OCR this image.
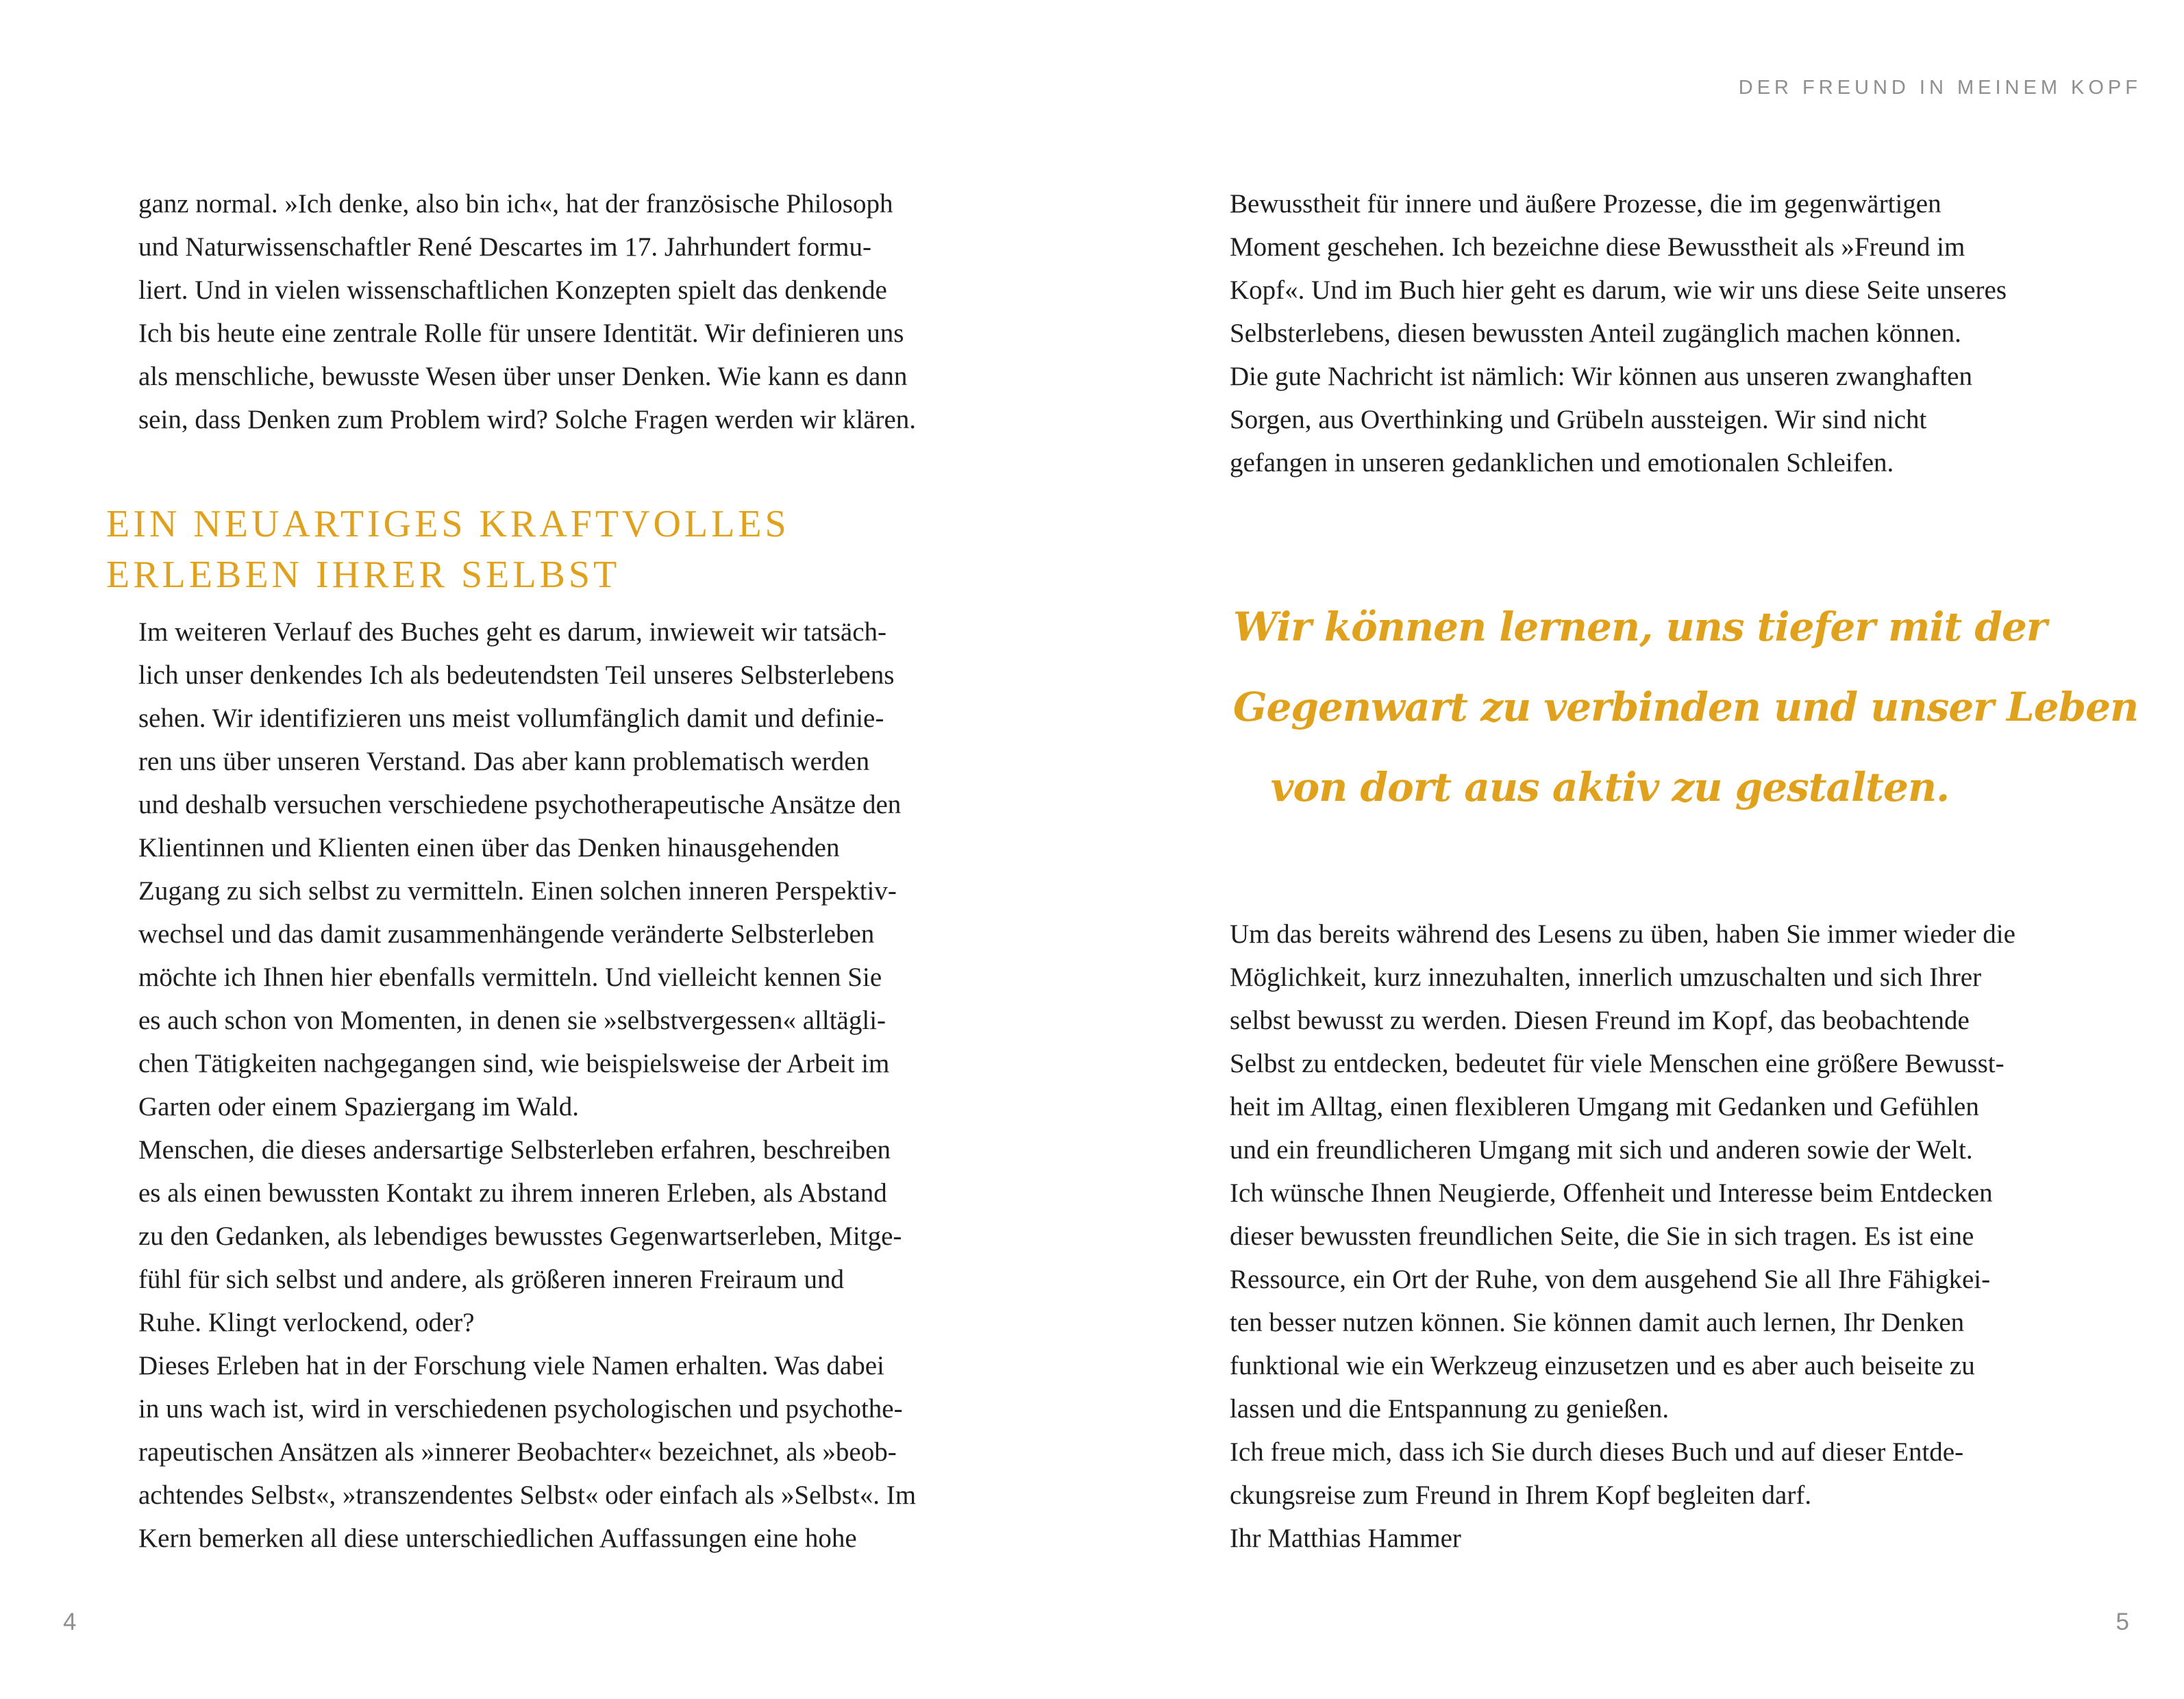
DER FREUND IN MEINEM KOPF
4	5
ganz normal. »Ich denke, also bin ich«, hat der französische Philosoph
und Naturwissenschaftler René Descartes im 17. Jahrhundert formu-
liert. Und in vielen wissenschaftlichen Konzepten spielt das denkende
Ich bis heute eine zentrale Rolle für unsere Identität. Wir definieren uns
als menschliche, bewusste Wesen über unser Denken. Wie kann es dann
sein, dass Denken zum Problem wird? Solche Fragen werden wir klären.
EIN NEUARTIGES KRAFTVOLLES
ERLEBEN IHRER SELBST
Im weiteren Verlauf des Buches geht es darum, inwieweit wir tatsäch-
lich unser denkendes Ich als bedeutendsten Teil unseres Selbsterlebens
sehen. Wir identifizieren uns meist vollumfänglich damit und definie-
ren uns über unseren Verstand. Das aber kann problematisch werden
und deshalb versuchen verschiedene psychotherapeutische Ansätze den
Klientinnen und Klienten einen über das Denken hinausgehenden
Zugang zu sich selbst zu vermitteln. Einen solchen inneren Perspektiv-
wechsel und das damit zusammenhängende veränderte Selbsterleben
möchte ich Ihnen hier ebenfalls vermitteln. Und vielleicht kennen Sie
es auch schon von Momenten, in denen sie »selbstvergessen« alltägli-
chen Tätigkeiten nachgegangen sind, wie beispielsweise der Arbeit im
Garten oder einem Spaziergang im Wald.
Menschen, die dieses andersartige Selbsterleben erfahren, beschreiben
es als einen bewussten Kontakt zu ihrem inneren Erleben, als Abstand
zu den Gedanken, als lebendiges bewusstes Gegenwartserleben, Mitge-
fühl für sich selbst und andere, als größeren inneren Freiraum und
Ruhe. Klingt verlockend, oder?
Dieses Erleben hat in der Forschung viele Namen erhalten. Was dabei
in uns wach ist, wird in verschiedenen psychologischen und psychothe-
rapeutischen Ansätzen als »innerer Beobachter« bezeichnet, als »beob-
achtendes Selbst«, »transzendentes Selbst« oder einfach als »Selbst«. Im
Kern bemerken all diese unterschiedlichen Auffassungen eine hohe
Bewusstheit für innere und äußere Prozesse, die im gegenwärtigen
Moment geschehen. Ich bezeichne diese Bewusstheit als »Freund im
Kopf«. Und im Buch hier geht es darum, wie wir uns diese Seite unseres
Selbsterlebens, diesen bewussten Anteil zugänglich machen können.
Die gute Nachricht ist nämlich: Wir können aus unseren zwanghaften
Sorgen, aus Overthinking und Grübeln aussteigen. Wir sind nicht
gefangen in unseren gedanklichen und emotionalen Schleifen.
Wir können lernen, uns tiefer mit der
Gegenwart zu verbinden und unser Leben
von dort aus aktiv zu gestalten.
Um das bereits während des Lesens zu üben, haben Sie immer wieder die
Möglichkeit, kurz innezuhalten, innerlich umzuschalten und sich Ihrer
selbst bewusst zu werden. Diesen Freund im Kopf, das beobachtende
Selbst zu entdecken, bedeutet für viele Menschen eine größere Bewusst-
heit im Alltag, einen flexibleren Umgang mit Gedanken und Gefühlen
und ein freundlicheren Umgang mit sich und anderen sowie der Welt.
Ich wünsche Ihnen Neugierde, Offenheit und Interesse beim Entdecken
dieser bewussten freundlichen Seite, die Sie in sich tragen. Es ist eine
Ressource, ein Ort der Ruhe, von dem ausgehend Sie all Ihre Fähigkei-
ten besser nutzen können. Sie können damit auch lernen, Ihr Denken
funktional wie ein Werkzeug einzusetzen und es aber auch beiseite zu
lassen und die Entspannung zu genießen.
Ich freue mich, dass ich Sie durch dieses Buch und auf dieser Entde-
ckungsreise zum Freund in Ihrem Kopf begleiten darf.
Ihr Matthias Hammer
